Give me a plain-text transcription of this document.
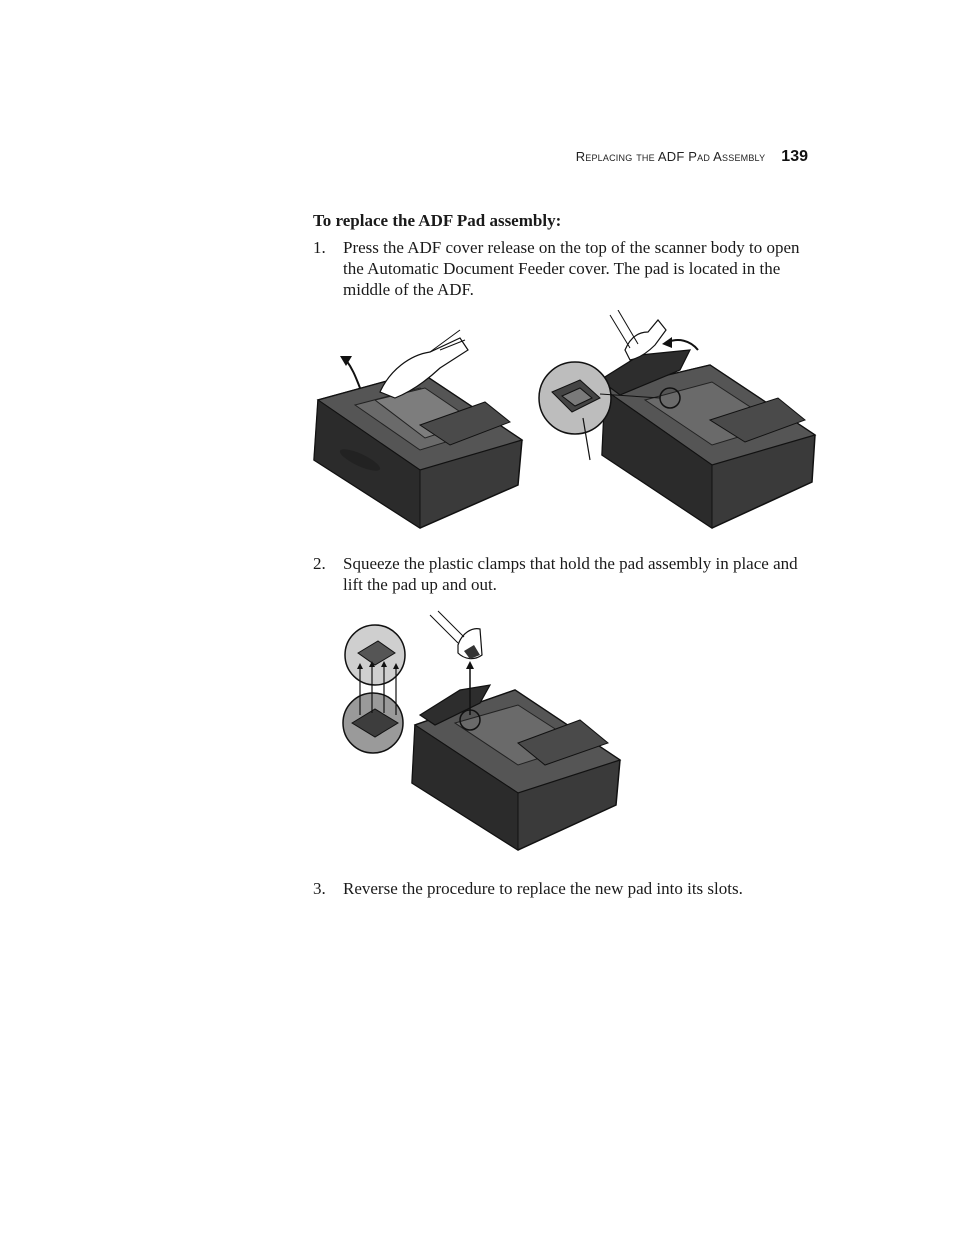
Replacing the ADF Pad Assembly 139
To replace the ADF Pad assembly:
1.	Press the ADF cover release on the top of the scanner body to open the Automatic Document Feeder cover. The pad is located in the middle of the ADF.
2.	Squeeze the plastic clamps that hold the pad assembly in place and lift the pad up and out.
3.	Reverse the procedure to replace the new pad into its slots.
